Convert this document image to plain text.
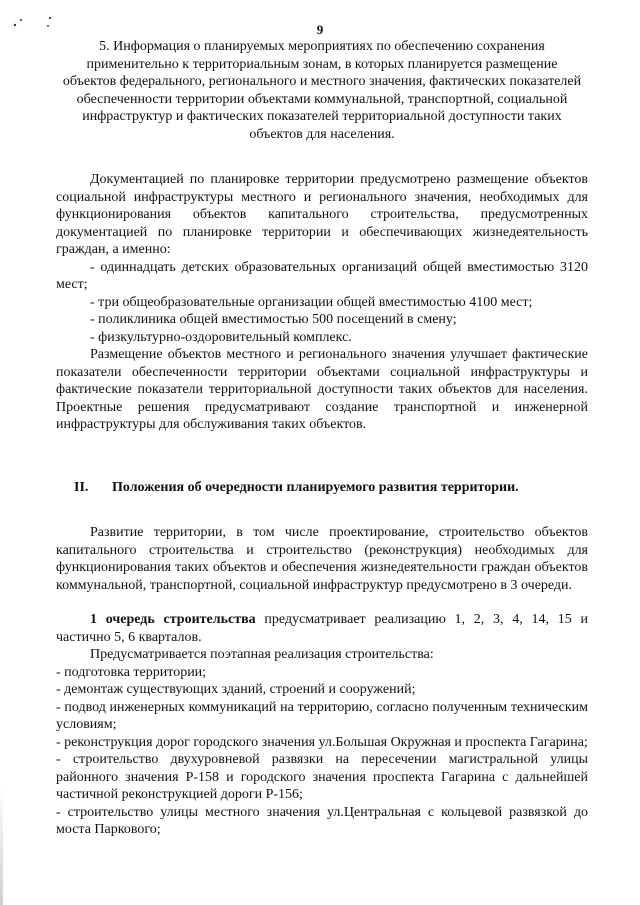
9

5. Информация о планируемых мероприятиях по обеспечению сохранения применительно к территориальным зонам, в которых планируется размещение объектов федерального, регионального и местного значения, фактических показателей обеспеченности территории объектами коммунальной, транспортной, социальной инфраструктур и фактических показателей территориальной доступности таких объектов для населения.

Документацией по планировке территории предусмотрено размещение объектов социальной инфраструктуры местного и регионального значения, необходимых для функционирования объектов капитального строительства, предусмотренных документацией по планировке территории и обеспечивающих жизнедеятельность граждан, а именно:

- одиннадцать детских образовательных организаций общей вместимостью 3120 мест;

- три общеобразовательные организации общей вместимостью 4100 мест;

- поликлиника общей вместимостью 500 посещений в смену;

- физкультурно-оздоровительный комплекс.

Размещение объектов местного и регионального значения улучшает фактические показатели обеспеченности территории объектами социальной инфраструктуры и фактические показатели территориальной доступности таких объектов для населения. Проектные решения предусматривают создание транспортной и инженерной инфраструктуры для обслуживания таких объектов.

II.	Положения об очередности планируемого развития территории.

Развитие территории, в том числе проектирование, строительство объектов капитального строительства и строительство (реконструкция) необходимых для функционирования таких объектов и обеспечения жизнедеятельности граждан объектов коммунальной, транспортной, социальной инфраструктур предусмотрено в 3 очереди.

1 очередь строительства предусматривает реализацию 1, 2, 3, 4, 14, 15 и частично 5, 6 кварталов.

Предусматривается поэтапная реализация строительства:

- подготовка территории;

- демонтаж существующих зданий, строений и сооружений;

- подвод инженерных коммуникаций на территорию, согласно полученным техническим условиям;

- реконструкция дорог городского значения ул.Большая Окружная и проспекта Гагарина;

- строительство двухуровневой развязки на пересечении магистральной улицы районного значения Р-158 и городского значения проспекта Гагарина с дальнейшей частичной реконструкцией дороги Р-156;

- строительство улицы местного значения ул.Центральная с кольцевой развязкой до моста Паркового;
